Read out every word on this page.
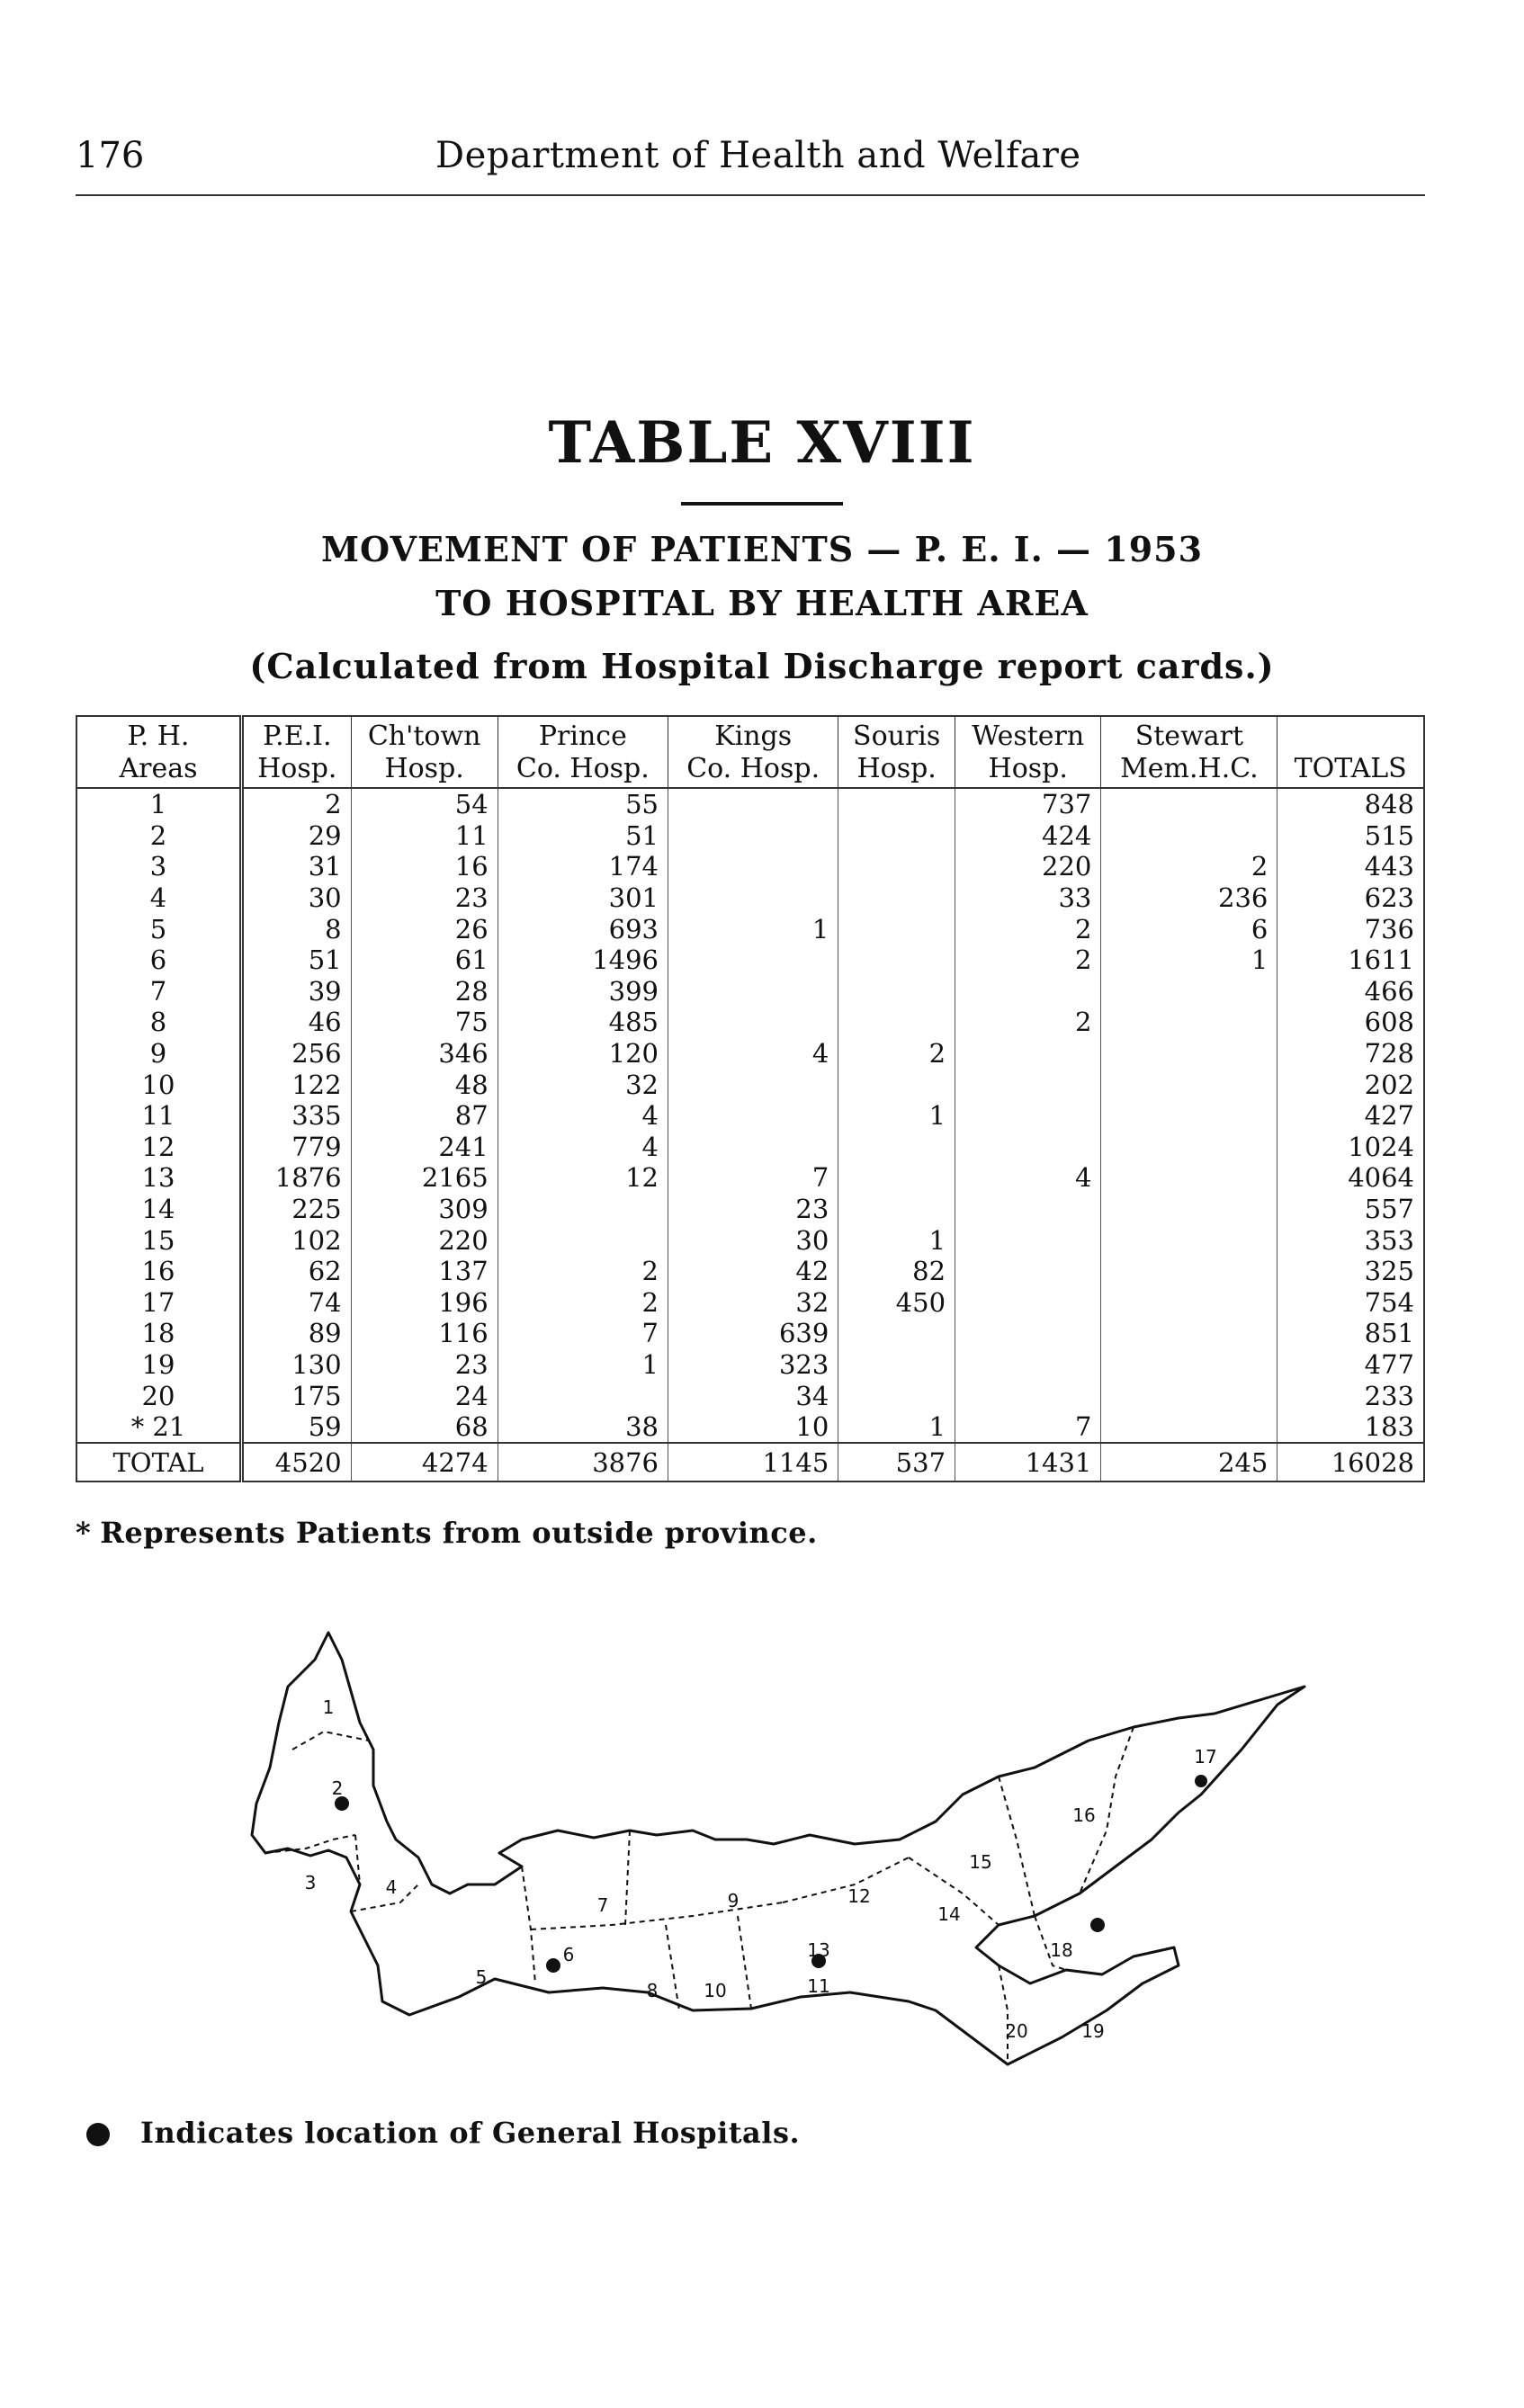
176	Department of Health and Welfare
TABLE XVIII
MOVEMENT OF PATIENTS — P. E. I. — 1953
TO HOSPITAL BY HEALTH AREA
(Calculated from Hospital Discharge report cards.)
P. H.	P.E.I.	Ch'town	Prince	Kings	Souris	Western	Stewart	
Areas	Hosp.	Hosp.	Co. Hosp.	Co. Hosp.	Hosp.	Hosp.	Mem.H.C.	TOTALS
1	2	54	55			737		848
2	29	11	51			424		515
3	31	16	174			220	2	443
4	30	23	301			33	236	623
5	8	26	693	1		2	6	736
6	51	61	1496			2	1	1611
7	39	28	399					466
8	46	75	485			2		608
9	256	346	120	4	2			728
10	122	48	32					202
11	335	87	4		1			427
12	779	241	4					1024
13	1876	2165	12	7		4		4064
14	225	309		23				557
15	102	220		30	1			353
16	62	137	2	42	82			325
17	74	196	2	32	450			754
18	89	116	7	639				851
19	130	23	1	323				477
20	175	24		34				233
* 21	59	68	38	10	1	7		183
TOTAL	4520	4274	3876	1145	537	1431	245	16028
* Represents Patients from outside province.
1
2
3	4
5
6
7
8
9
10	11
12
13
14
15
16
17
18
19
20
Indicates location of General Hospitals.
